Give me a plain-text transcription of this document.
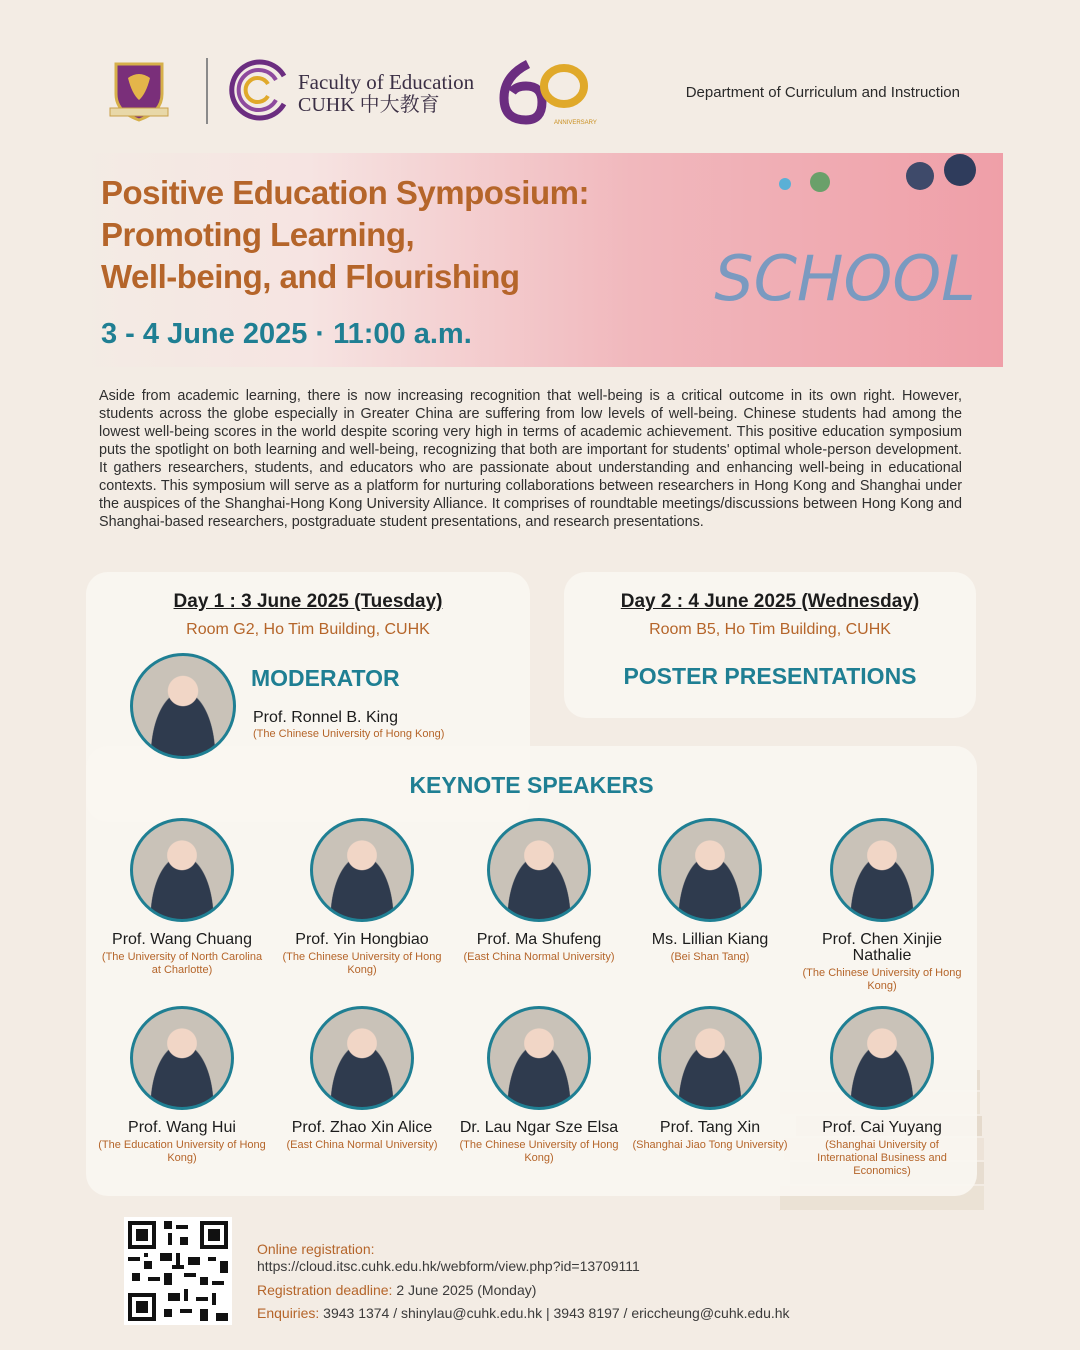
Faculty of Education
CUHK 中大教育
ANNIVERSARY
Department of Curriculum and Instruction
SCHOOL
Positive Education Symposium:
Promoting Learning,
Well-being, and Flourishing
3 - 4 June 2025 · 11:00 a.m.
Aside from academic learning, there is now increasing recognition that well-being is a critical outcome in its own right. However, students across the globe especially in Greater China are suffering from low levels of well-being. Chinese students had among the lowest well-being scores in the world despite scoring very high in terms of academic achievement. This positive education symposium puts the spotlight on both learning and well-being, recognizing that both are important for students' optimal whole-person development. It gathers researchers, students, and educators who are passionate about understanding and enhancing well-being in educational contexts. This symposium will serve as a platform for nurturing collaborations between researchers in Hong Kong and Shanghai under the auspices of the Shanghai-Hong Kong University Alliance. It comprises of roundtable meetings/discussions between Hong Kong and Shanghai-based researchers, postgraduate student presentations, and research presentations.
Day 1 : 3 June 2025 (Tuesday)
Room G2, Ho Tim Building, CUHK
Day 2 : 4 June 2025 (Wednesday)
Room B5, Ho Tim Building, CUHK
MODERATOR
Prof. Ronnel B. King
(The Chinese University of Hong Kong)
POSTER PRESENTATIONS
KEYNOTE SPEAKERS
Prof. Wang Chuang
(The University of North Carolina at Charlotte)
Prof. Yin Hongbiao
(The Chinese University of Hong Kong)
Prof. Ma Shufeng
(East China Normal University)
Ms. Lillian Kiang
(Bei Shan Tang)
Prof. Chen Xinjie Nathalie
(The Chinese University of Hong Kong)
Prof. Wang Hui
(The Education University of Hong Kong)
Prof. Zhao Xin Alice
(East China Normal University)
Dr. Lau Ngar Sze Elsa
(The Chinese University of Hong Kong)
Prof. Tang Xin
(Shanghai Jiao Tong University)
Prof. Cai Yuyang
(Shanghai University of International Business and Economics)
Online registration:
https://cloud.itsc.cuhk.edu.hk/webform/view.php?id=13709111
Registration deadline: 2 June 2025 (Monday)
Enquiries: 3943 1374 / shinylau@cuhk.edu.hk | 3943 8197 / ericcheung@cuhk.edu.hk
